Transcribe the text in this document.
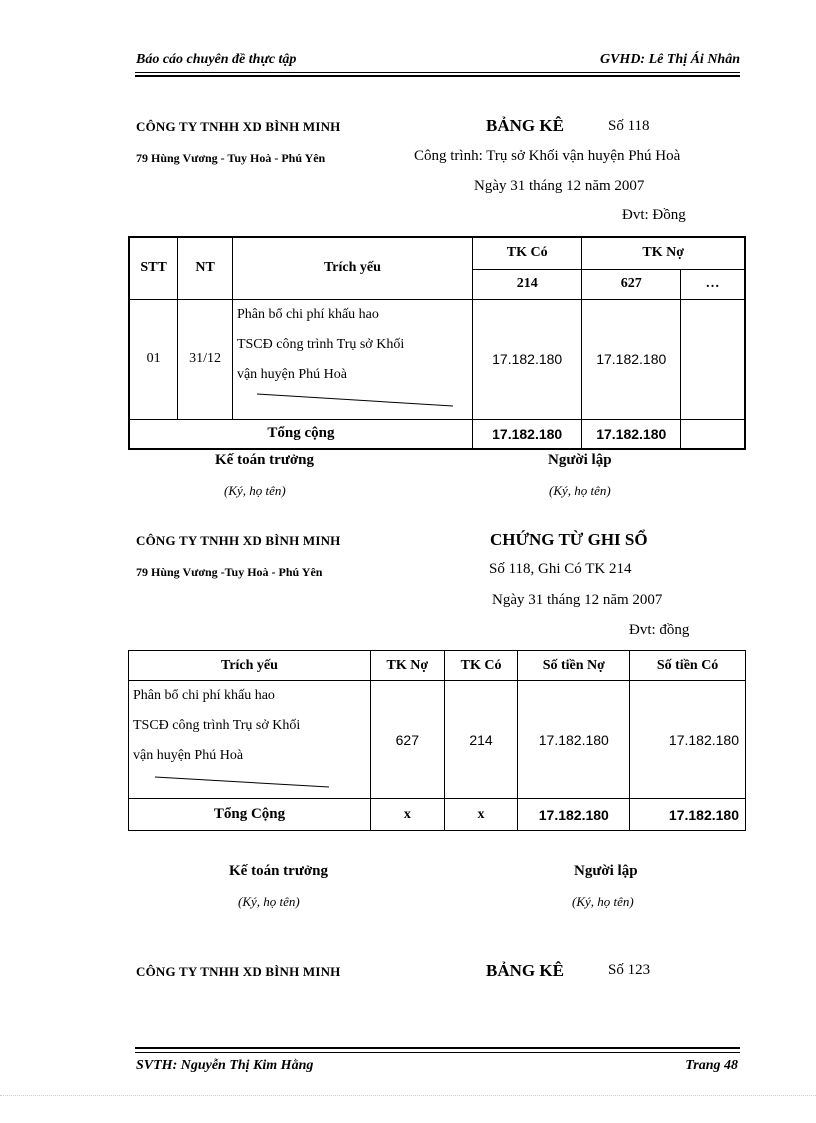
Báo cáo chuyên đề thực tập	GVHD: Lê Thị Ái Nhân
CÔNG TY TNHH XD BÌNH MINH
79 Hùng Vương - Tuy Hoà - Phú Yên
BẢNG KÊ	Số 118
Công trình: Trụ sở Khối vận huyện Phú Hoà
Ngày 31 tháng 12 năm 2007
Đvt: Đồng
STT	NT	Trích yếu	TK Có	TK Nợ	
			214	627	…
01	31/12	Phân bổ chi phí khấu hao
TSCĐ công trình Trụ sở Khối
vận huyện Phú Hoà	17.182.180	17.182.180	
Tổng cộng			17.182.180	17.182.180	
Kế toán trưởng
(Ký, họ tên)
Người lập
(Ký, họ tên)
CÔNG TY TNHH XD BÌNH MINH
79 Hùng Vương -Tuy Hoà - Phú Yên
CHỨNG TỪ GHI SỔ
Số 118, Ghi Có TK 214
Ngày 31 tháng 12 năm 2007
Đvt: đồng
Trích yếu	TK Nợ	TK Có	Số tiền Nợ	Số tiền Có

Phân bổ chi phí khấu hao
TSCĐ công trình Trụ sở Khối
vận huyện Phú Hoà	627	214	17.182.180	17.182.180
Tổng Cộng	x	x	17.182.180	17.182.180
Kế toán trưởng
(Ký, họ tên)
Người lập
(Ký, họ tên)
CÔNG TY TNHH XD BÌNH MINH	BẢNG KÊ	Số 123
SVTH: Nguyễn Thị Kim Hằng	Trang 48
